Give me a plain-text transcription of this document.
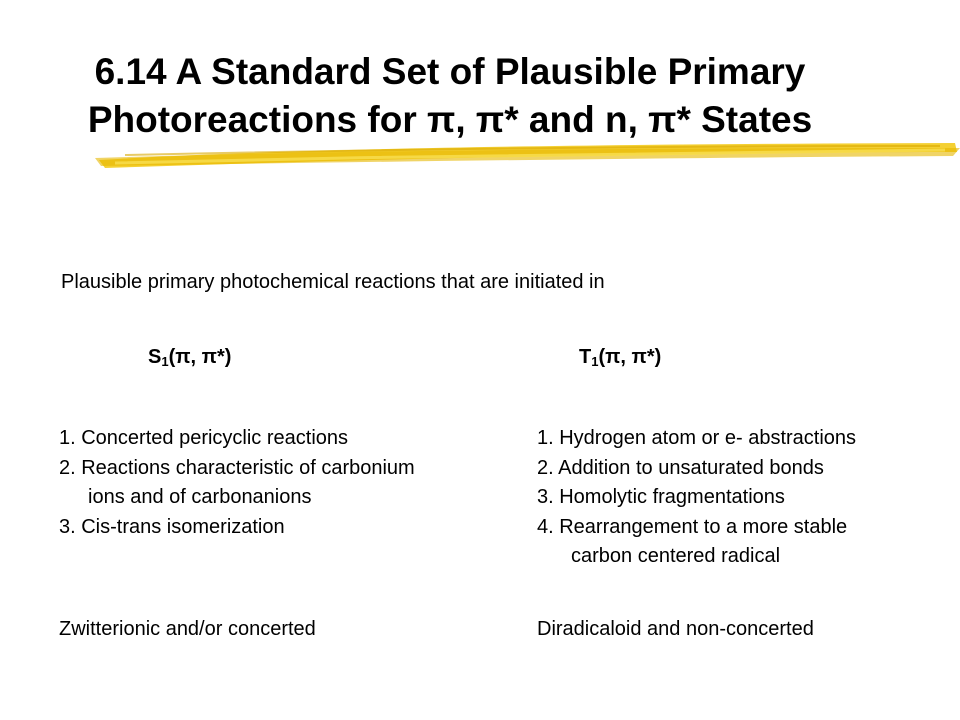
6.14 A Standard Set of Plausible Primary
Photoreactions for π, π* and n, π* States
Plausible primary photochemical reactions that are initiated in
$S_1(\pi$, π*)	$T_1(\pi$, π*)
1. Concerted pericyclic reactions
2. Reactions characteristic of carbonium
ions and of carbonanions
3. Cis-trans isomerization
1. Hydrogen atom or e- abstractions
2. Addition to unsaturated bonds
3. Homolytic fragmentations
4. Rearrangement to a more stable
carbon centered radical
Zwitterionic and/or concerted	Diradicaloid and non-concerted
